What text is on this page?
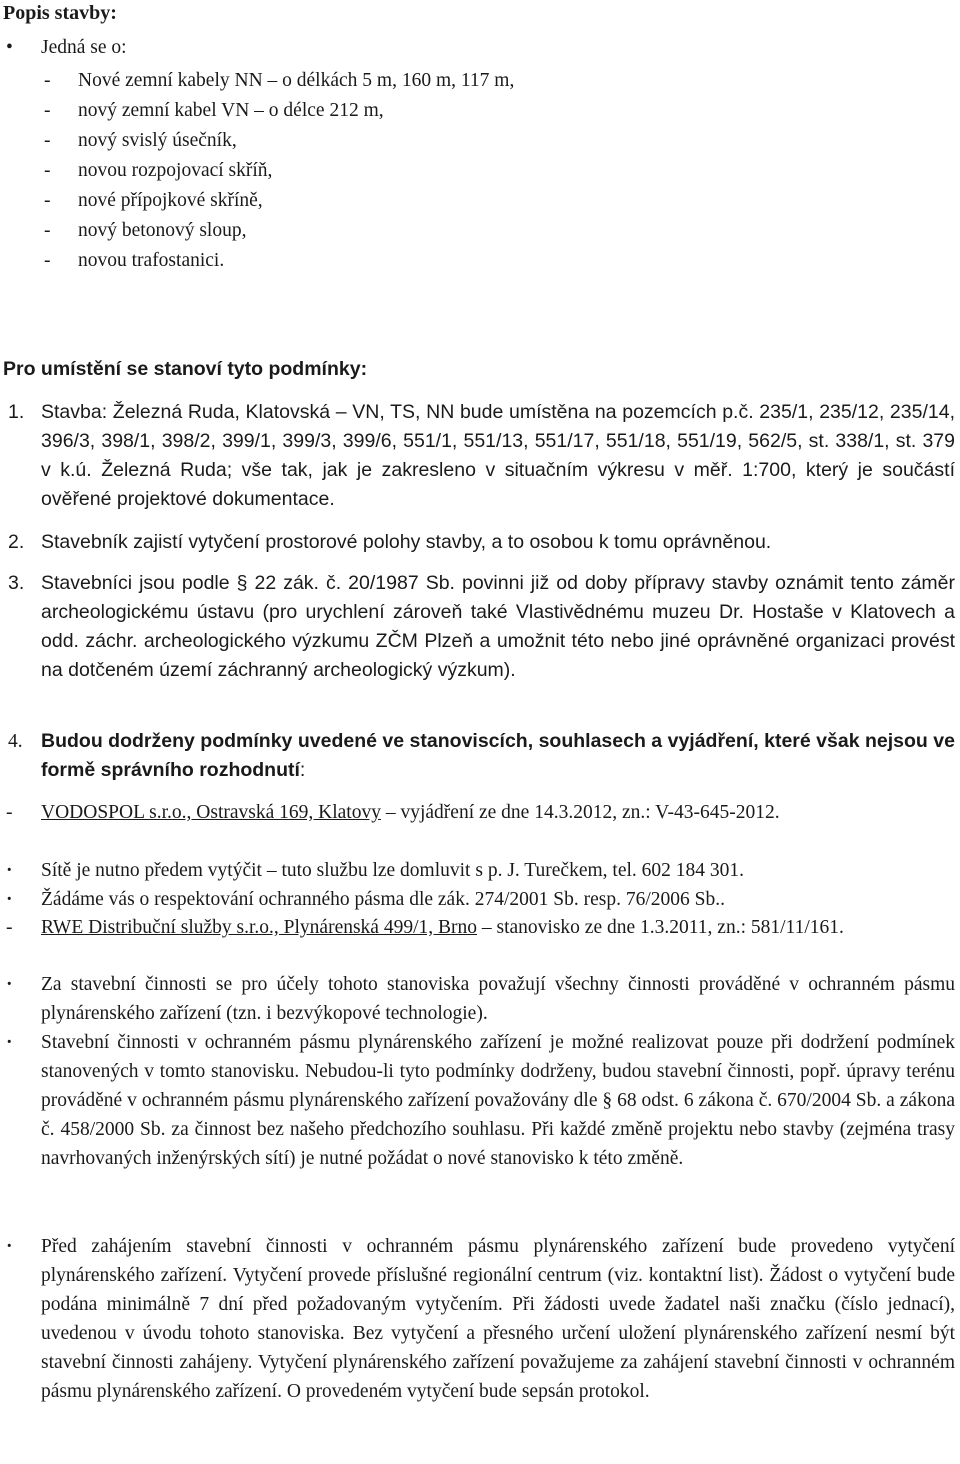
Popis stavby:
• Jedná se o:
- Nové zemní kabely NN – o délkách 5 m, 160 m, 117 m,
- nový zemní kabel VN – o délce 212 m,
- nový svislý úsečník,
- novou rozpojovací skříň,
- nové přípojkové skříně,
- nový betonový sloup,
- novou trafostanici.
Pro umístění se stanoví tyto podmínky:
1. Stavba: Železná Ruda, Klatovská – VN, TS, NN bude umístěna na pozemcích p.č. 235/1, 235/12, 235/14, 396/3, 398/1, 398/2, 399/1, 399/3, 399/6, 551/1, 551/13, 551/17, 551/18, 551/19, 562/5, st. 338/1, st. 379 v k.ú. Železná Ruda; vše tak, jak je zakresleno v situačním výkresu v měř. 1:700, který je součástí ověřené projektové dokumentace.
2. Stavebník zajistí vytyčení prostorové polohy stavby, a to osobou k tomu oprávněnou.
3. Stavebníci jsou podle § 22 zák. č. 20/1987 Sb. povinni již od doby přípravy stavby oznámit tento záměr archeologickému ústavu (pro urychlení zároveň také Vlastivědnému muzeu Dr. Hostaše v Klatovech a odd. záchr. archeologického výzkumu ZČM Plzeň a umožnit této nebo jiné oprávněné organizaci provést na dotčeném území záchranný archeologický výzkum).
4. Budou dodrženy podmínky uvedené ve stanoviscích, souhlasech a vyjádření, které však nejsou ve formě správního rozhodnutí:
- VODOSPOL s.r.o., Ostravská 169, Klatovy – vyjádření ze dne 14.3.2012, zn.: V-43-645-2012.
· Sítě je nutno předem vytýčit – tuto službu lze domluvit s p. J. Turečkem, tel. 602 184 301.
· Žádáme vás o respektování ochranného pásma dle zák. 274/2001 Sb. resp. 76/2006 Sb..
- RWE Distribuční služby s.r.o., Plynárenská 499/1, Brno – stanovisko ze dne 1.3.2011, zn.: 581/11/161.
· Za stavební činnosti se pro účely tohoto stanoviska považují všechny činnosti prováděné v ochranném pásmu plynárenského zařízení (tzn. i bezvýkopové technologie).
· Stavební činnosti v ochranném pásmu plynárenského zařízení je možné realizovat pouze při dodržení podmínek stanovených v tomto stanovisku. Nebudou-li tyto podmínky dodrženy, budou stavební činnosti, popř. úpravy terénu prováděné v ochranném pásmu plynárenského zařízení považovány dle § 68 odst. 6 zákona č. 670/2004 Sb. a zákona č. 458/2000 Sb. za činnost bez našeho předchozího souhlasu. Při každé změně projektu nebo stavby (zejména trasy navrhovaných inženýrských sítí) je nutné požádat o nové stanovisko k této změně.
· Před zahájením stavební činnosti v ochranném pásmu plynárenského zařízení bude provedeno vytyčení plynárenského zařízení. Vytyčení provede příslušné regionální centrum (viz. kontaktní list). Žádost o vytyčení bude podána minimálně 7 dní před požadovaným vytyčením. Při žádosti uvede žadatel naši značku (číslo jednací), uvedenou v úvodu tohoto stanoviska. Bez vytyčení a přesného určení uložení plynárenského zařízení nesmí být stavební činnosti zahájeny. Vytyčení plynárenského zařízení považujeme za zahájení stavební činnosti v ochranném pásmu plynárenského zařízení. O provedeném vytyčení bude sepsán protokol.
